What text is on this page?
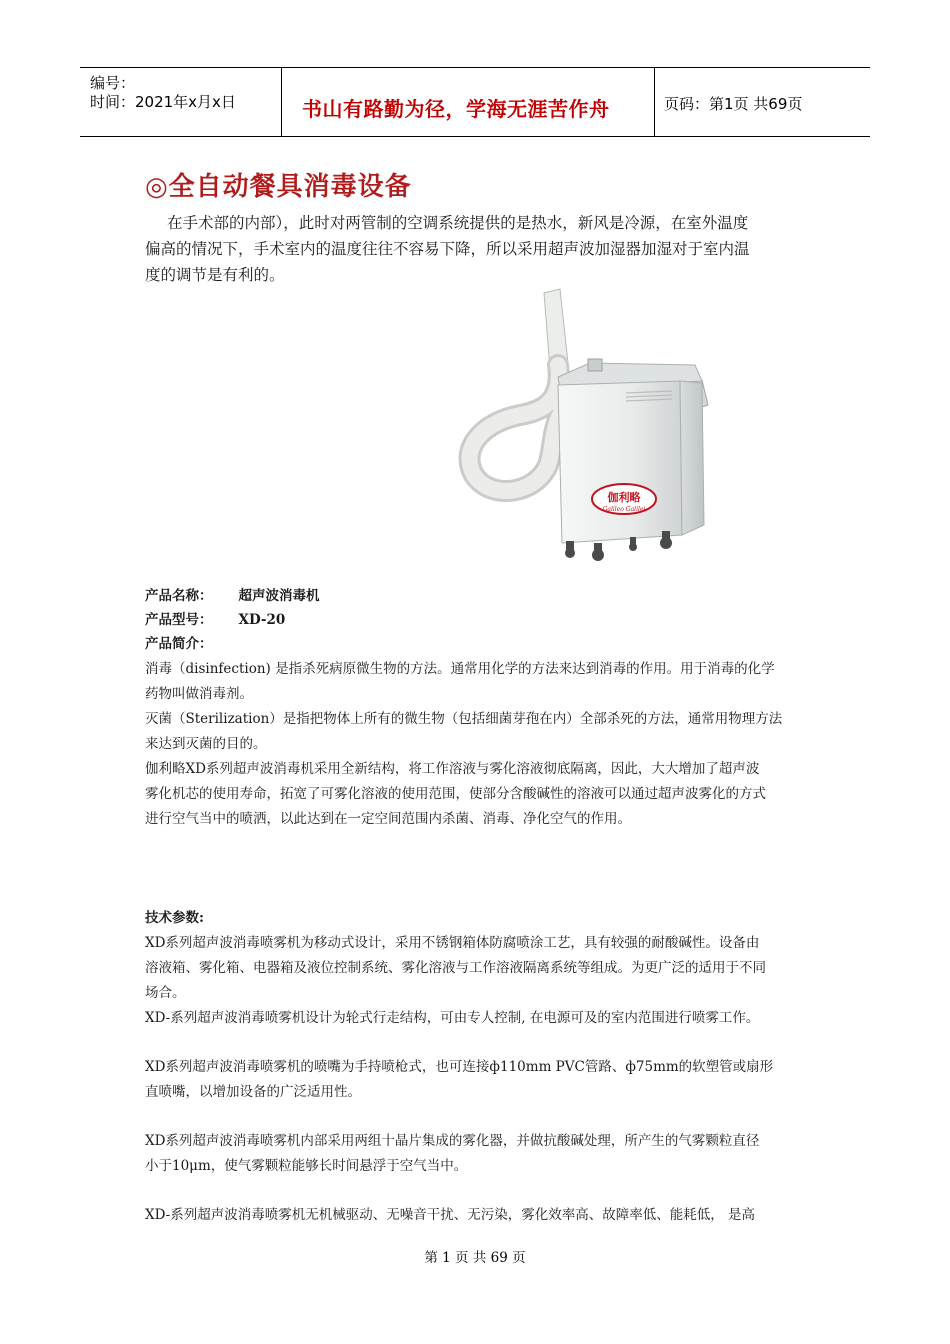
编号：
时间：2021年x月x日	书山有路勤为径，学海无涯苦作舟	页码：第1页 共69页
◎全自动餐具消毒设备
在手术部的内部），此时对两管制的空调系统提供的是热水，新风是冷源，在室外温度
偏高的情况下，手术室内的温度往往不容易下降，所以采用超声波加湿器加湿对于室内温
度的调节是有利的。
伽利略
Galileo Galilei
产品名称： 超声波消毒机
产品型号： XD-20
产品简介：
消毒（disinfection) 是指杀死病原微生物的方法。通常用化学的方法来达到消毒的作用。用于消毒的化学
药物叫做消毒剂。
灭菌（Sterilization）是指把物体上所有的微生物（包括细菌芽孢在内）全部杀死的方法，通常用物理方法
来达到灭菌的目的。
伽利略XD系列超声波消毒机采用全新结构，将工作溶液与雾化溶液彻底隔离，因此，大大增加了超声波
雾化机芯的使用寿命，拓宽了可雾化溶液的使用范围，使部分含酸碱性的溶液可以通过超声波雾化的方式
进行空气当中的喷洒，以此达到在一定空间范围内杀菌、消毒、净化空气的作用。
技术参数:
XD系列超声波消毒喷雾机为移动式设计，采用不锈钢箱体防腐喷涂工艺，具有较强的耐酸碱性。设备由
溶液箱、雾化箱、电器箱及液位控制系统、雾化溶液与工作溶液隔离系统等组成。为更广泛的适用于不同
场合。
XD-系列超声波消毒喷雾机设计为轮式行走结构，可由专人控制, 在电源可及的室内范围进行喷雾工作。
XD系列超声波消毒喷雾机的喷嘴为手持喷枪式，也可连接ф110mm PVC管路、ф75mm的软塑管或扇形
直喷嘴，以增加设备的广泛适用性。
XD系列超声波消毒喷雾机内部采用两组十晶片集成的雾化器，并做抗酸碱处理，所产生的气雾颗粒直径
小于10μm，使气雾颗粒能够长时间悬浮于空气当中。
XD-系列超声波消毒喷雾机无机械驱动、无噪音干扰、无污染，雾化效率高、故障率低、能耗低， 是高
第 1 页 共 69 页
